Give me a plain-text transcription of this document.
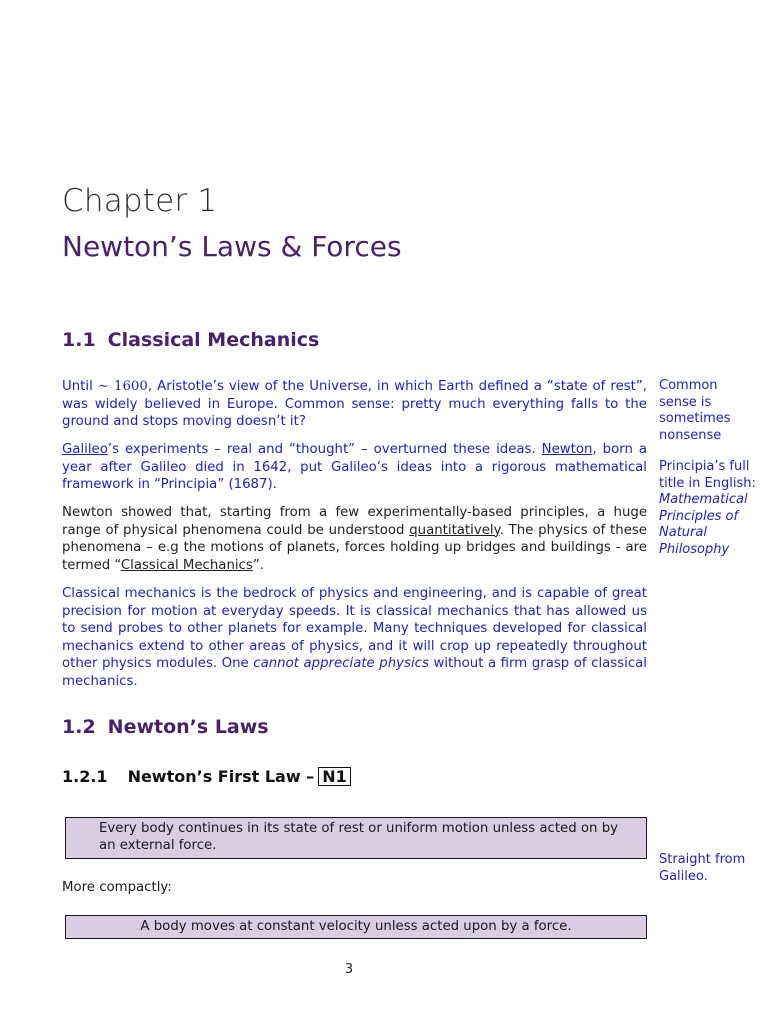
Chapter 1
Newton’s Laws & Forces
1.1 Classical Mechanics
Until ∼ 1600, Aristotle’s view of the Universe, in which Earth defined a “state of rest”, was widely believed in Europe. Common sense: pretty much everything falls to the ground and stops moving doesn’t it?
Galileo’s experiments – real and “thought” – overturned these ideas. Newton, born a year after Galileo died in 1642, put Galileo’s ideas into a rigorous mathematical framework in “Principia” (1687).
Newton showed that, starting from a few experimentally-based principles, a huge range of physical phenomena could be understood quantitatively. The physics of these phenomena – e.g the motions of planets, forces holding up bridges and buildings - are termed “Classical Mechanics”.
Classical mechanics is the bedrock of physics and engineering, and is capable of great precision for motion at everyday speeds. It is classical mechanics that has allowed us to send probes to other planets for example. Many techniques developed for classical mechanics extend to other areas of physics, and it will crop up repeatedly throughout other physics modules. One cannot appreciate physics without a firm grasp of classical mechanics.
1.2 Newton’s Laws
1.2.1 Newton’s First Law – N1
Every body continues in its state of rest or uniform motion unless acted on by an external force.
More compactly:
A body moves at constant velocity unless acted upon by a force.
Common sense is sometimes nonsense
Principia’s full title in English: Mathematical Principles of Natural Philosophy
Straight from Galileo.
3
